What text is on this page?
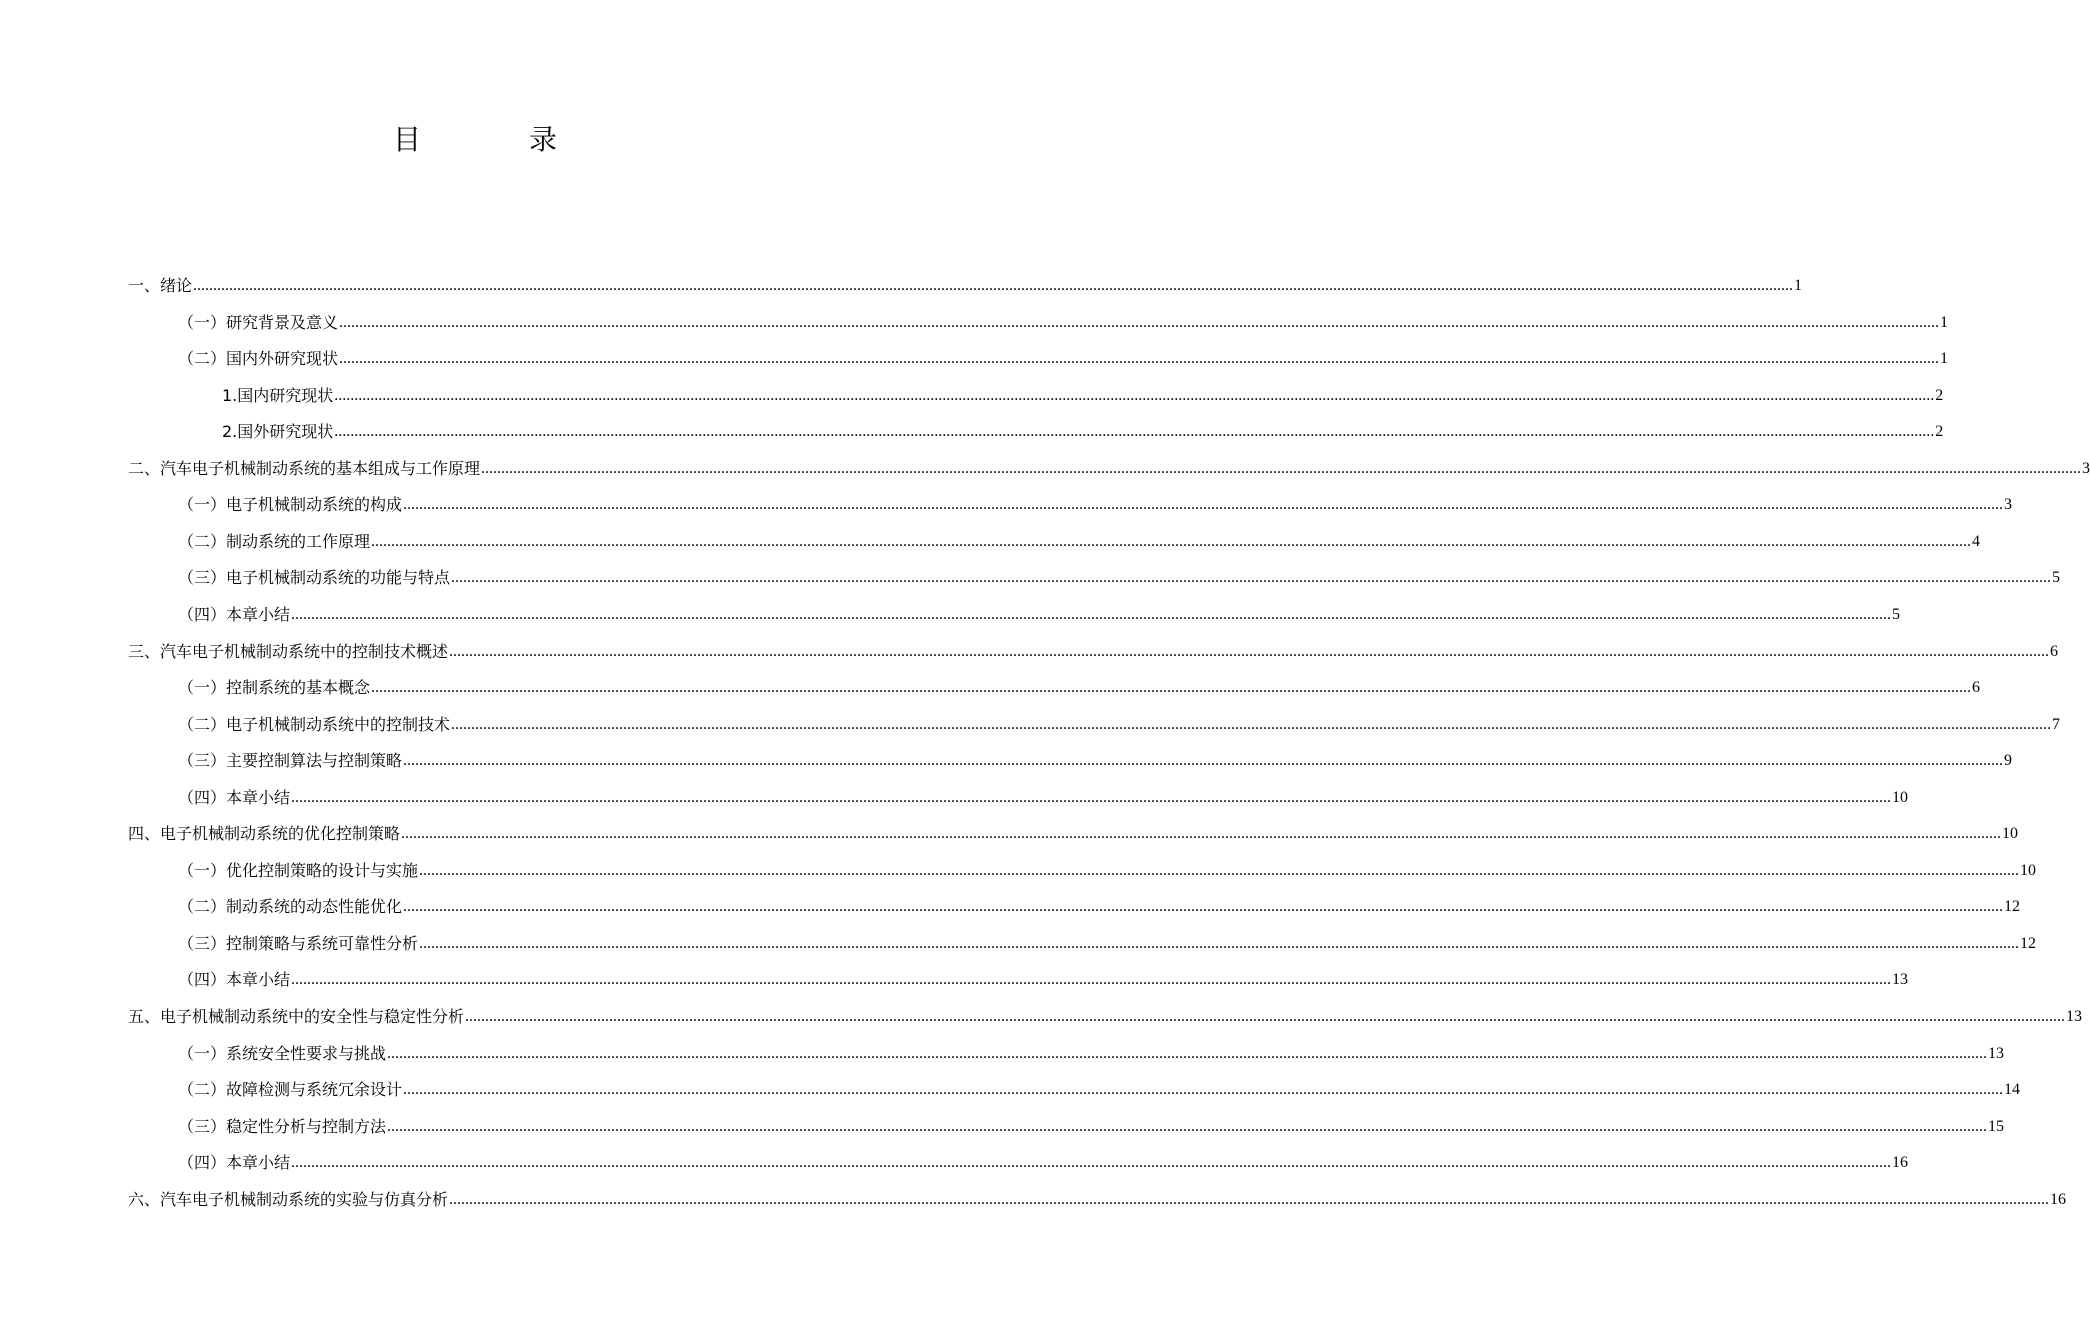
目　录
一、绪论 ................................................................................................................................................................................................................................................................................................................................................................................................................ 1
（一）研究背景及意义 ................................................................................................................................................................................................................................................................................................................................................................................................................ 1
（二）国内外研究现状 ................................................................................................................................................................................................................................................................................................................................................................................................................ 1
1.国内研究现状 ................................................................................................................................................................................................................................................................................................................................................................................................................ 2
2.国外研究现状 ................................................................................................................................................................................................................................................................................................................................................................................................................ 2
二、汽车电子机械制动系统的基本组成与工作原理 ................................................................................................................................................................................................................................................................................................................................................................................................................ 3
（一）电子机械制动系统的构成 ................................................................................................................................................................................................................................................................................................................................................................................................................ 3
（二）制动系统的工作原理 ................................................................................................................................................................................................................................................................................................................................................................................................................ 4
（三）电子机械制动系统的功能与特点 ................................................................................................................................................................................................................................................................................................................................................................................................................ 5
（四）本章小结 ................................................................................................................................................................................................................................................................................................................................................................................................................ 5
三、汽车电子机械制动系统中的控制技术概述 ................................................................................................................................................................................................................................................................................................................................................................................................................ 6
（一）控制系统的基本概念 ................................................................................................................................................................................................................................................................................................................................................................................................................ 6
（二）电子机械制动系统中的控制技术 ................................................................................................................................................................................................................................................................................................................................................................................................................ 7
（三）主要控制算法与控制策略 ................................................................................................................................................................................................................................................................................................................................................................................................................ 9
（四）本章小结 ................................................................................................................................................................................................................................................................................................................................................................................................................ 10
四、电子机械制动系统的优化控制策略 ................................................................................................................................................................................................................................................................................................................................................................................................................ 10
（一）优化控制策略的设计与实施 ................................................................................................................................................................................................................................................................................................................................................................................................................ 10
（二）制动系统的动态性能优化 ................................................................................................................................................................................................................................................................................................................................................................................................................ 12
（三）控制策略与系统可靠性分析 ................................................................................................................................................................................................................................................................................................................................................................................................................ 12
（四）本章小结 ................................................................................................................................................................................................................................................................................................................................................................................................................ 13
五、电子机械制动系统中的安全性与稳定性分析 ................................................................................................................................................................................................................................................................................................................................................................................................................ 13
（一）系统安全性要求与挑战 ................................................................................................................................................................................................................................................................................................................................................................................................................ 13
（二）故障检测与系统冗余设计 ................................................................................................................................................................................................................................................................................................................................................................................................................ 14
（三）稳定性分析与控制方法 ................................................................................................................................................................................................................................................................................................................................................................................................................ 15
（四）本章小结 ................................................................................................................................................................................................................................................................................................................................................................................................................ 16
六、汽车电子机械制动系统的实验与仿真分析 ................................................................................................................................................................................................................................................................................................................................................................................................................ 16
